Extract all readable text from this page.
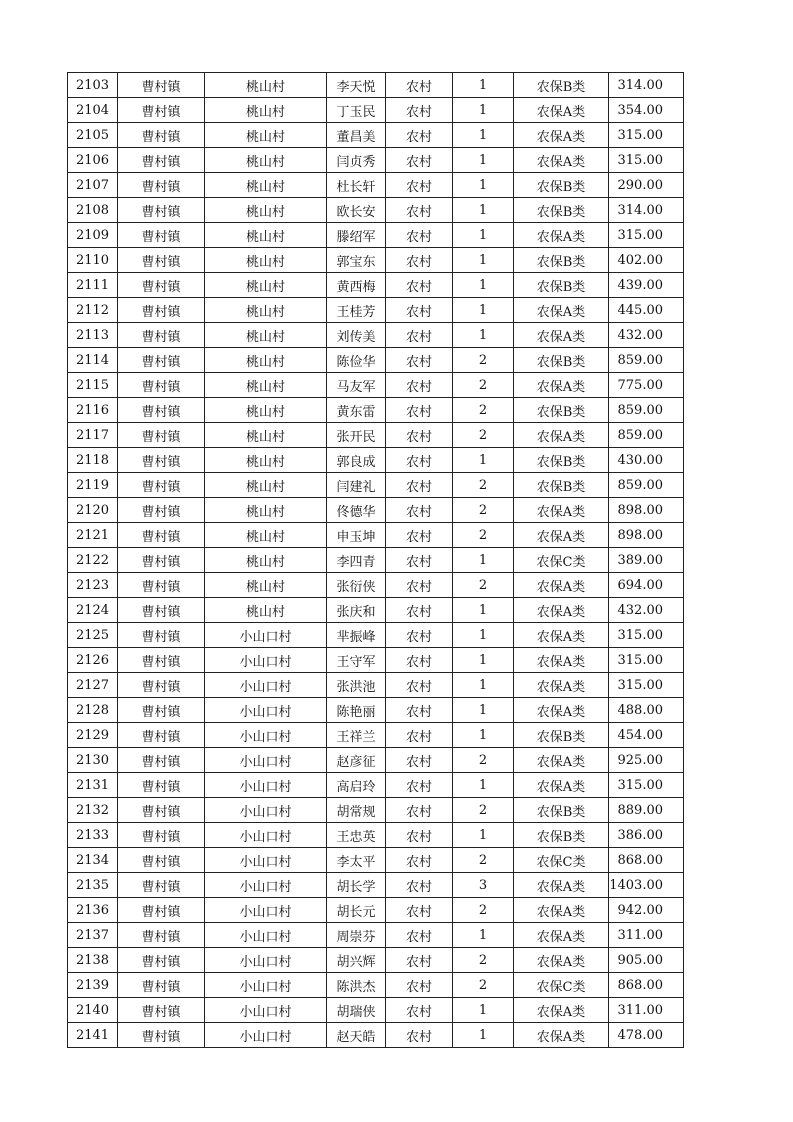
2103	曹村镇	桃山村	李天悦	农村	1	农保B类	314.00
2104	曹村镇	桃山村	丁玉民	农村	1	农保A类	354.00
2105	曹村镇	桃山村	董昌美	农村	1	农保A类	315.00
2106	曹村镇	桃山村	闫贞秀	农村	1	农保A类	315.00
2107	曹村镇	桃山村	杜长轩	农村	1	农保B类	290.00
2108	曹村镇	桃山村	欧长安	农村	1	农保B类	314.00
2109	曹村镇	桃山村	滕绍军	农村	1	农保A类	315.00
2110	曹村镇	桃山村	郭宝东	农村	1	农保B类	402.00
2111	曹村镇	桃山村	黄西梅	农村	1	农保B类	439.00
2112	曹村镇	桃山村	王桂芳	农村	1	农保A类	445.00
2113	曹村镇	桃山村	刘传美	农村	1	农保A类	432.00
2114	曹村镇	桃山村	陈俭华	农村	2	农保B类	859.00
2115	曹村镇	桃山村	马友军	农村	2	农保A类	775.00
2116	曹村镇	桃山村	黄东雷	农村	2	农保B类	859.00
2117	曹村镇	桃山村	张开民	农村	2	农保A类	859.00
2118	曹村镇	桃山村	郭良成	农村	1	农保B类	430.00
2119	曹村镇	桃山村	闫建礼	农村	2	农保B类	859.00
2120	曹村镇	桃山村	佟德华	农村	2	农保A类	898.00
2121	曹村镇	桃山村	申玉坤	农村	2	农保A类	898.00
2122	曹村镇	桃山村	李四青	农村	1	农保C类	389.00
2123	曹村镇	桃山村	张衍侠	农村	2	农保A类	694.00
2124	曹村镇	桃山村	张庆和	农村	1	农保A类	432.00
2125	曹村镇	小山口村	芈振峰	农村	1	农保A类	315.00
2126	曹村镇	小山口村	王守军	农村	1	农保A类	315.00
2127	曹村镇	小山口村	张洪池	农村	1	农保A类	315.00
2128	曹村镇	小山口村	陈艳丽	农村	1	农保A类	488.00
2129	曹村镇	小山口村	王祥兰	农村	1	农保B类	454.00
2130	曹村镇	小山口村	赵彦征	农村	2	农保A类	925.00
2131	曹村镇	小山口村	高启玲	农村	1	农保A类	315.00
2132	曹村镇	小山口村	胡常规	农村	2	农保B类	889.00
2133	曹村镇	小山口村	王忠英	农村	1	农保B类	386.00
2134	曹村镇	小山口村	李太平	农村	2	农保C类	868.00
2135	曹村镇	小山口村	胡长学	农村	3	农保A类	1403.00
2136	曹村镇	小山口村	胡长元	农村	2	农保A类	942.00
2137	曹村镇	小山口村	周崇芬	农村	1	农保A类	311.00
2138	曹村镇	小山口村	胡兴辉	农村	2	农保A类	905.00
2139	曹村镇	小山口村	陈洪杰	农村	2	农保C类	868.00
2140	曹村镇	小山口村	胡瑞侠	农村	1	农保A类	311.00
2141	曹村镇	小山口村	赵天皓	农村	1	农保A类	478.00
